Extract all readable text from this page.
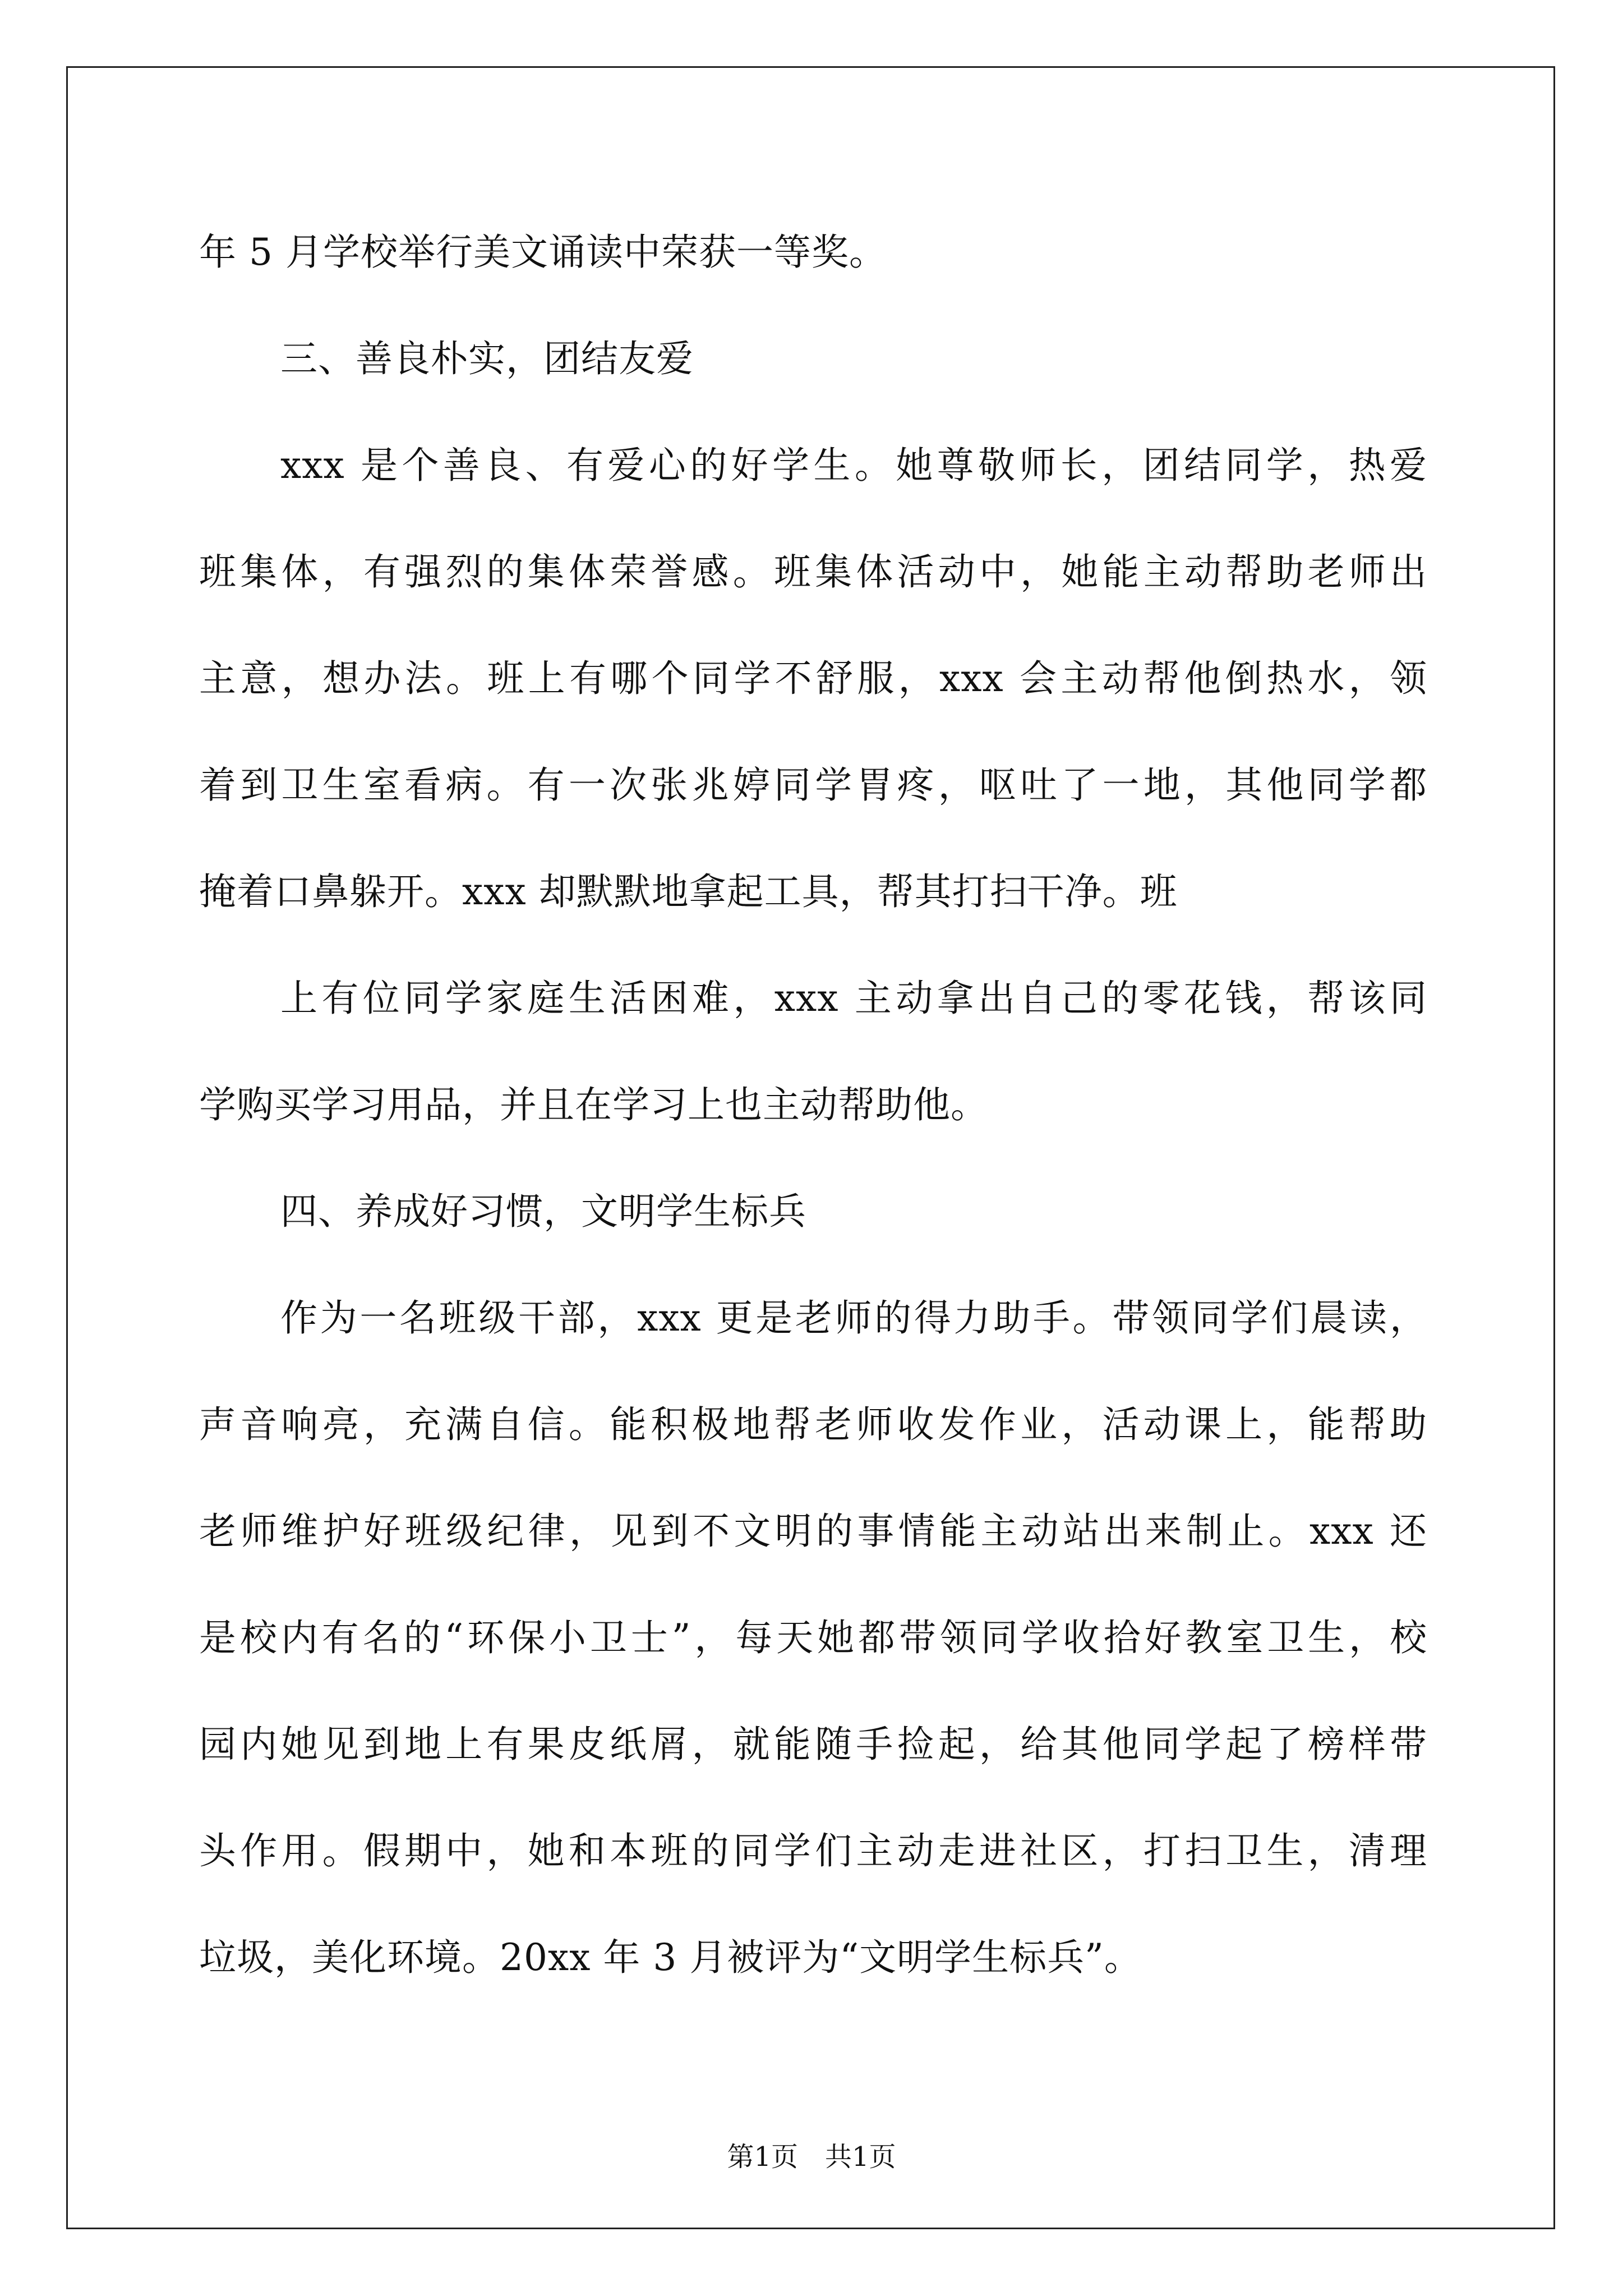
年 5 月学校举行美文诵读中荣获一等奖。
三、善良朴实，团结友爱
xxx 是个善良、有爱心的好学生。她尊敬师长，团结同学，热爱
班集体，有强烈的集体荣誉感。班集体活动中，她能主动帮助老师出
主意，想办法。班上有哪个同学不舒服，xxx 会主动帮他倒热水，领
着到卫生室看病。有一次张兆婷同学胃疼，呕吐了一地，其他同学都
掩着口鼻躲开。xxx 却默默地拿起工具，帮其打扫干净。班
上有位同学家庭生活困难，xxx 主动拿出自己的零花钱，帮该同
学购买学习用品，并且在学习上也主动帮助他。
四、养成好习惯，文明学生标兵
作为一名班级干部，xxx 更是老师的得力助手。带领同学们晨读，
声音响亮，充满自信。能积极地帮老师收发作业，活动课上，能帮助
老师维护好班级纪律，见到不文明的事情能主动站出来制止。xxx 还
是校内有名的“环保小卫士”，每天她都带领同学收拾好教室卫生，校
园内她见到地上有果皮纸屑，就能随手捡起，给其他同学起了榜样带
头作用。假期中，她和本班的同学们主动走进社区，打扫卫生，清理
垃圾，美化环境。20xx 年 3 月被评为“文明学生标兵”。
第1页　共1页
